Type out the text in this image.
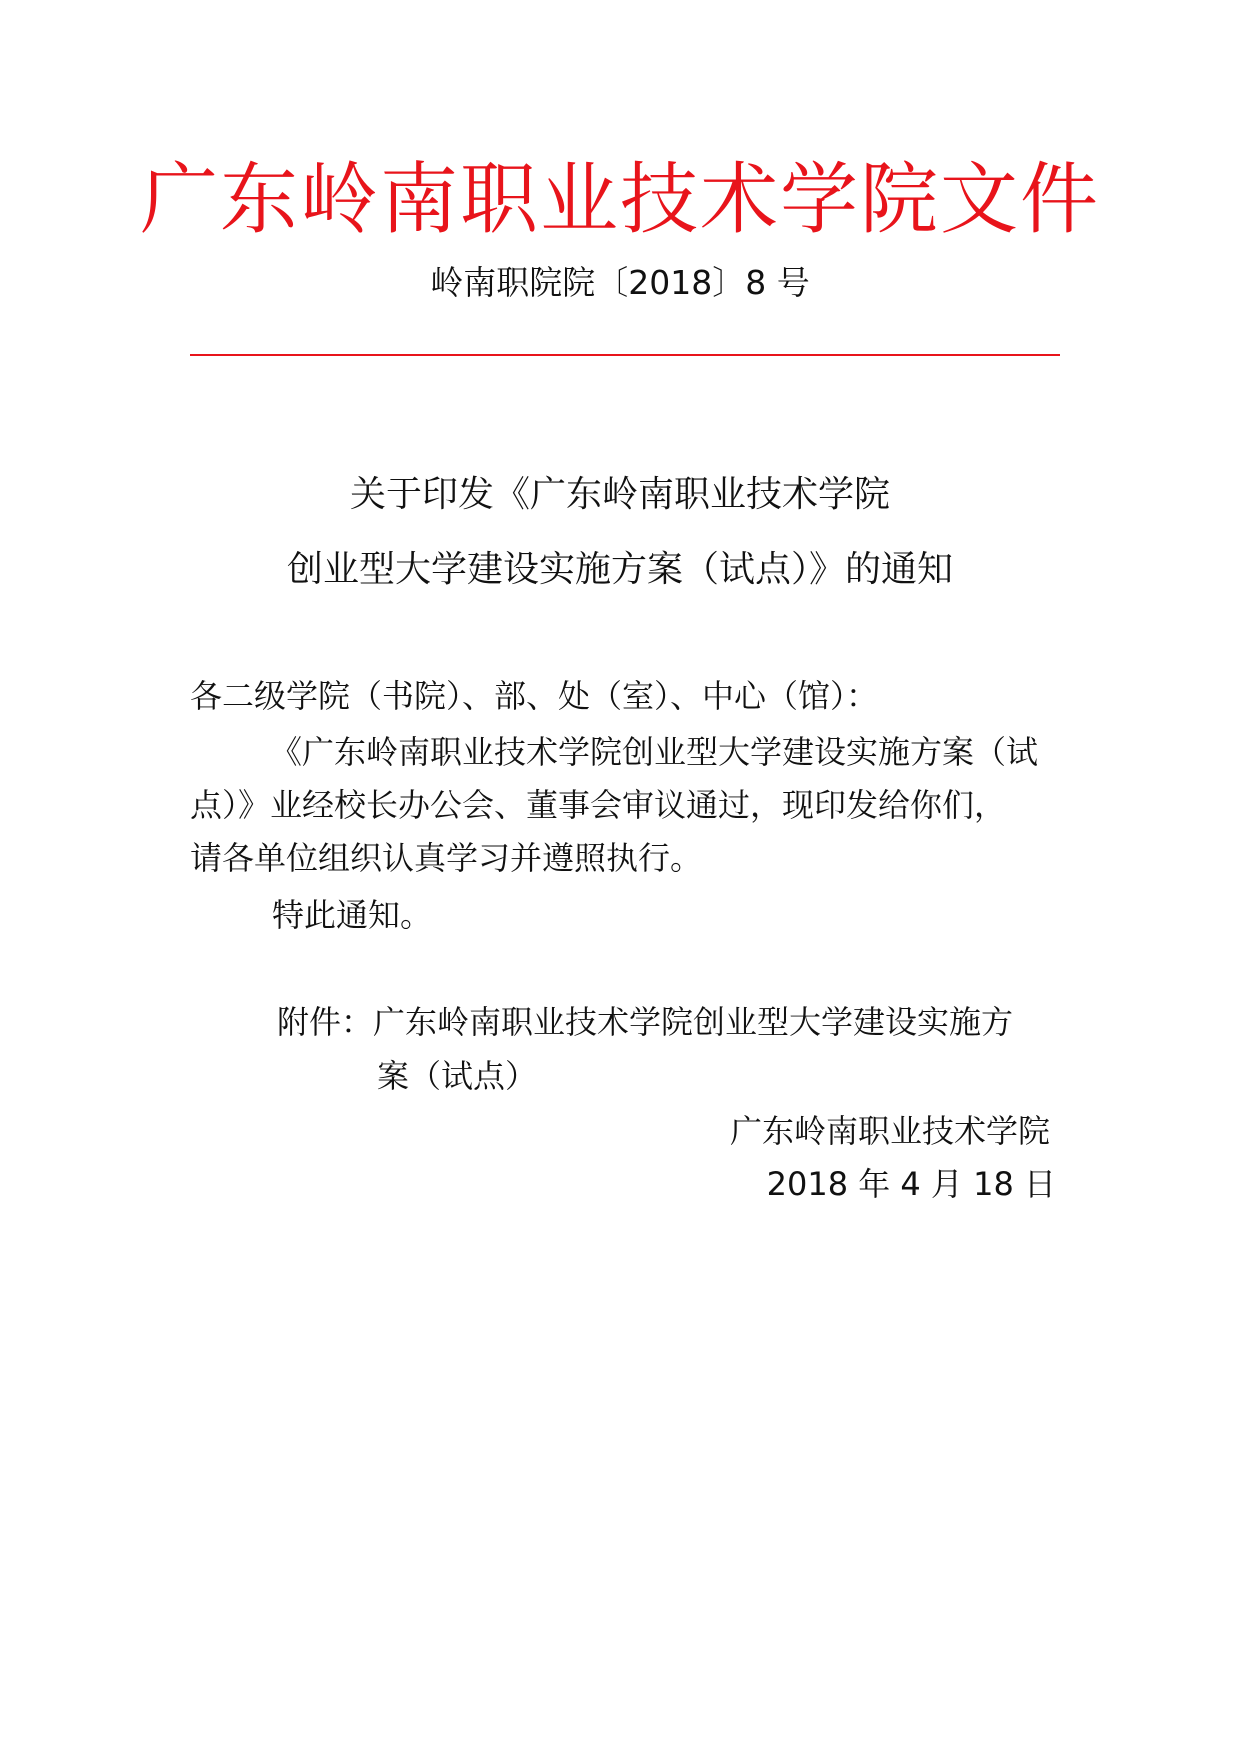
广东岭南职业技术学院文件
岭南职院院〔2018〕8 号
关于印发《广东岭南职业技术学院
创业型大学建设实施方案（试点）》的通知
各二级学院（书院）、部、处（室）、中心（馆）：
《广东岭南职业技术学院创业型大学建设实施方案（试
点）》业经校长办公会、董事会审议通过，现印发给你们，
请各单位组织认真学习并遵照执行。
特此通知。
附件：广东岭南职业技术学院创业型大学建设实施方
案（试点）
广东岭南职业技术学院
2018 年 4 月 18 日
